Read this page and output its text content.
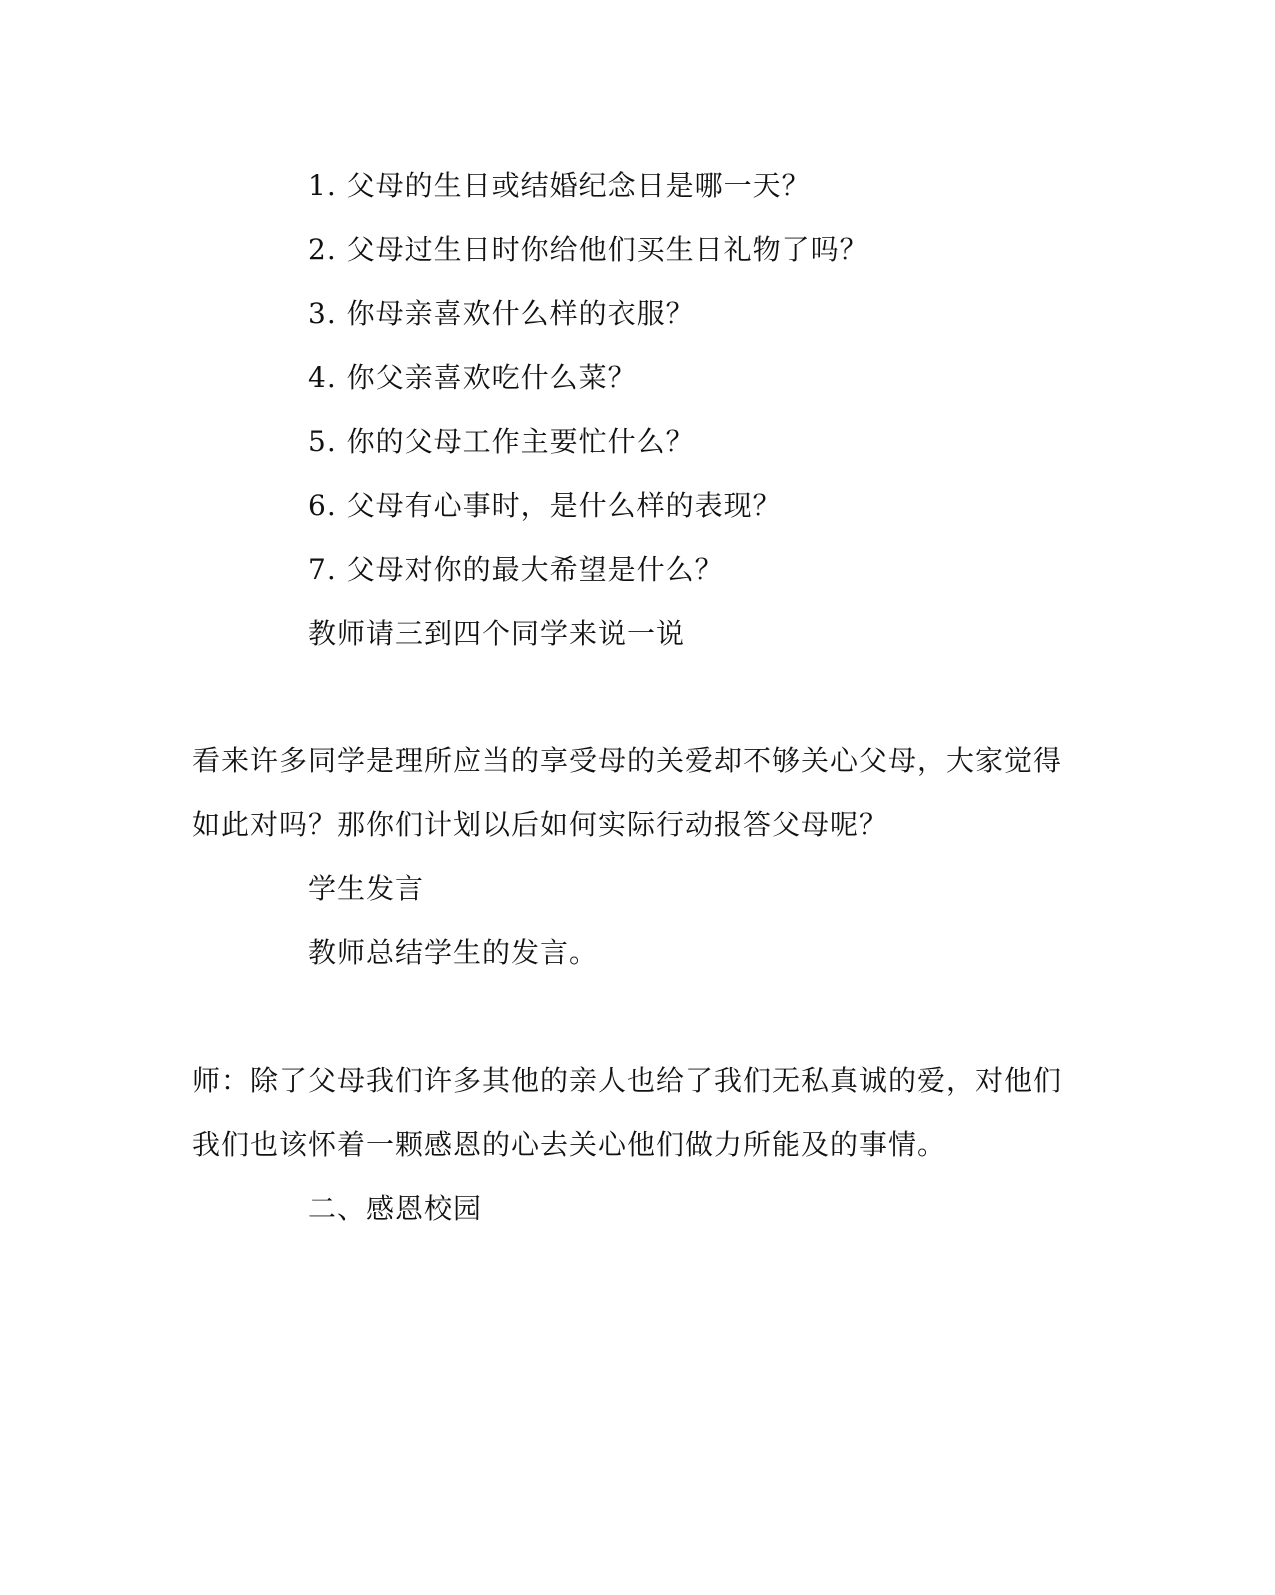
1. 父母的生日或结婚纪念日是哪一天？
2. 父母过生日时你给他们买生日礼物了吗？
3. 你母亲喜欢什么样的衣服？
4. 你父亲喜欢吃什么菜？
5. 你的父母工作主要忙什么？
6. 父母有心事时，是什么样的表现？
7. 父母对你的最大希望是什么？
教师请三到四个同学来说一说
看来许多同学是理所应当的享受母的关爱却不够关心父母，大家觉得
如此对吗？那你们计划以后如何实际行动报答父母呢？
学生发言
教师总结学生的发言。
师：除了父母我们许多其他的亲人也给了我们无私真诚的爱，对他们
我们也该怀着一颗感恩的心去关心他们做力所能及的事情。
二、感恩校园
